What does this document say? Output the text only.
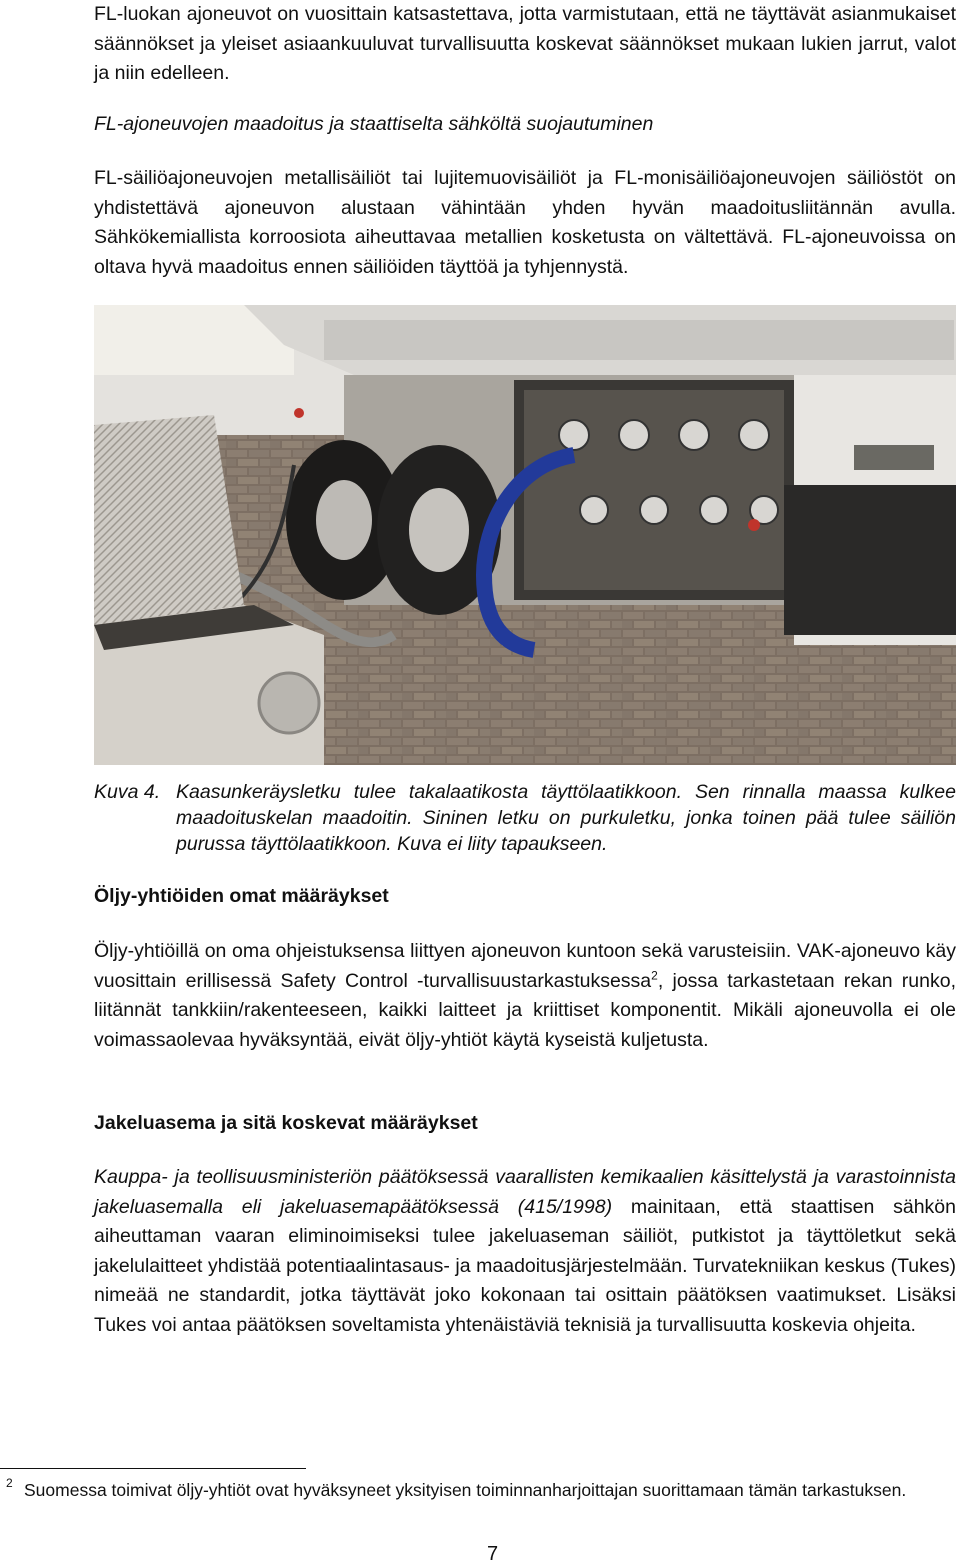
FL-luokan ajoneuvot on vuosittain katsastettava, jotta varmistutaan, että ne täyttävät asianmukaiset säännökset ja yleiset asiaankuuluvat turvallisuutta koskevat säännökset mukaan lukien jarrut, valot ja niin edelleen.

FL-ajoneuvojen maadoitus ja staattiselta sähköltä suojautuminen

FL-säiliöajoneuvojen metallisäiliöt tai lujitemuovisäiliöt ja FL-monisäiliöajoneuvojen säiliöstöt on yhdistettävä ajoneuvon alustaan vähintään yhden hyvän maadoitusliitännän avulla. Sähkökemiallista korroosiota aiheuttavaa metallien kosketusta on vältettävä. FL-ajoneuvoissa on oltava hyvä maadoitus ennen säiliöiden täyttöä ja tyhjennystä.

Kuva 4. Kaasunkeräysletku tulee takalaatikosta täyttölaatikkoon. Sen rinnalla maassa kulkee maadoituskelan maadoitin. Sininen letku on purkuletku, jonka toinen pää tulee säiliön purussa täyttölaatikkoon. Kuva ei liity tapaukseen.
Öljy-yhtiöiden omat määräykset

Öljy-yhtiöillä on oma ohjeistuksensa liittyen ajoneuvon kuntoon sekä varusteisiin. VAK-ajoneuvo käy vuosittain erillisessä Safety Control -turvallisuustarkastuksessa$^2$, jossa tarkastetaan rekan runko, liitännät tankkiin/rakenteeseen, kaikki laitteet ja kriittiset komponentit. Mikäli ajoneuvolla ei ole voimassaolevaa hyväksyntää, eivät öljy-yhtiöt käytä kyseistä kuljetusta.

Jakeluasema ja sitä koskevat määräykset

Kauppa- ja teollisuusministeriön päätöksessä vaarallisten kemikaalien käsittelystä ja varastoinnista jakeluasemalla eli jakeluasemapäätöksessä (415/1998) mainitaan, että staattisen sähkön aiheuttaman vaaran eliminoimiseksi tulee jakeluaseman säiliöt, putkistot ja täyttöletkut sekä jakelulaitteet yhdistää potentiaalintasaus- ja maadoitusjärjestelmään. Turvatekniikan keskus (Tukes) nimeää ne standardit, jotka täyttävät joko kokonaan tai osittain päätöksen vaatimukset. Lisäksi Tukes voi antaa päätöksen soveltamista yhtenäistäviä teknisiä ja turvallisuutta koskevia ohjeita.

2 Suomessa toimivat öljy-yhtiöt ovat hyväksyneet yksityisen toiminnanharjoittajan suorittamaan tämän tarkastuksen.

7
